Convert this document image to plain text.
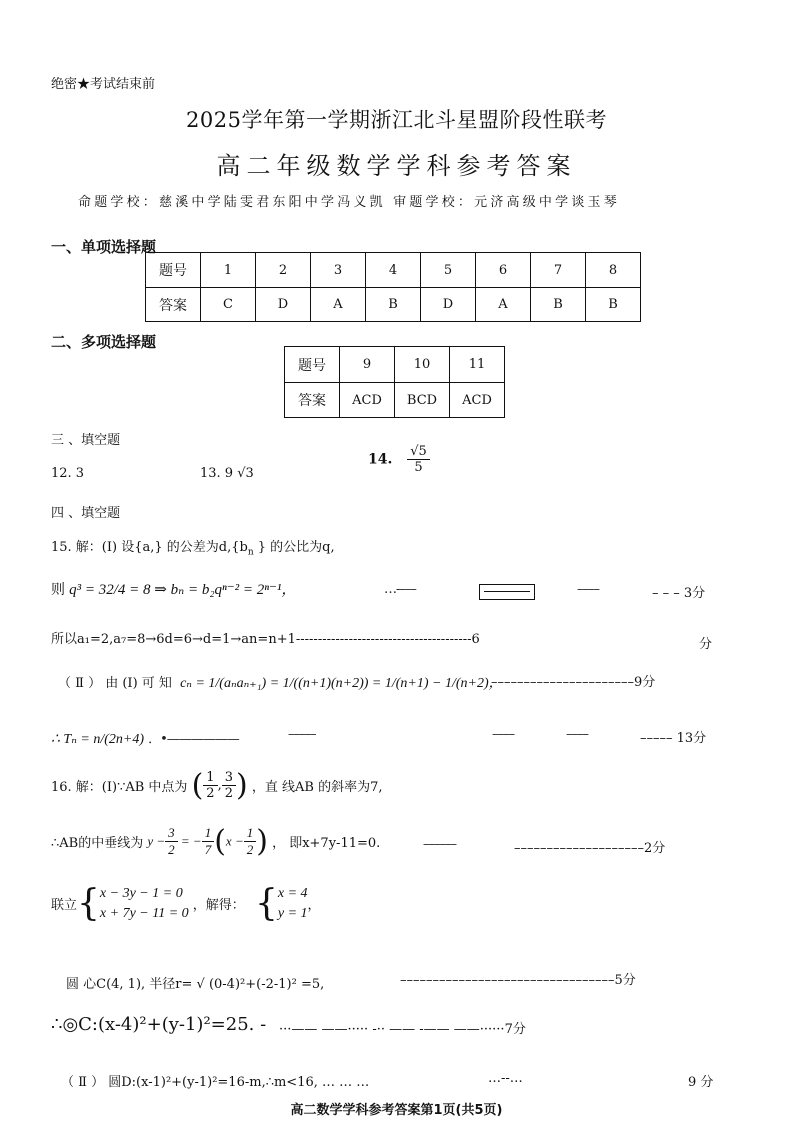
绝密★考试结束前
2025学年第一学期浙江北斗星盟阶段性联考
高二年级数学学科参考答案
命题学校：慈溪中学陆雯君东阳中学冯义凯 审题学校：元济高级中学谈玉琴
一、单项选择题
题号	1	2	3	4	5	6	7	8
答案	C	D	A	B	D	A	B	B
二、多项选择题
题号	9	10	11
答案	ACD	BCD	ACD
三 、填空题
12. 3	13. 9 √3
14. $\frac{√5}{5}$
四 、填空题
15. 解：(I) 设{a,} 的公差为$d,\{b_n$ } 的公比为q,
则 q³ = 32/4 = 8 ⇒ bₙ = b₂qⁿ⁻² = 2ⁿ⁻¹，	…-–––	––––	– – – 3分
所以a₁=2,a₇=8→6d=6→d=1→an=n+1----------------------------------------6	分
（ Ⅱ ） 由 (I) 可 知 cₙ = 1/(aₙaₙ₊₁) = 1/((n+1)(n+2)) = 1/(n+1) − 1/(n+2)，
––––––––––––––––––––––9分
∴ Tₙ = n/(2n+4) ．•——————	–––––	––––	––––	––––– 13分
16. 解：(I)∵AB 中点为 ( $\frac{1}{2}$ , $\frac{3}{2}$ ) ，直 线AB 的斜率为7,
∴AB的中垂线为 $y - \frac{3}{2}$ = − $\frac{1}{7} (x - \frac{1}{2}$ ) ， 即x+7y-11=0.	––––––	––––––––––––––––––––2分
联立{ x − 3y − 1 = 0
x + 7y − 11 = 0 ，解得： { x = 4
y = 1 ，
圆 心C(4, 1), 半径r= √ (0-4)²+(-2-1)² =5,	–––––––––––––––––––––––––––––––––5分
∴◎C:(x-4)²+(y-1)²=25. - ···—— ——····· -·· —— -—— ——······7分
（ Ⅱ ） 圆D:(x-1)²+(y-1)²=16-m,∴m<16, … … …	…--…	9 分
高二数学学科参考答案第1页(共5页)
